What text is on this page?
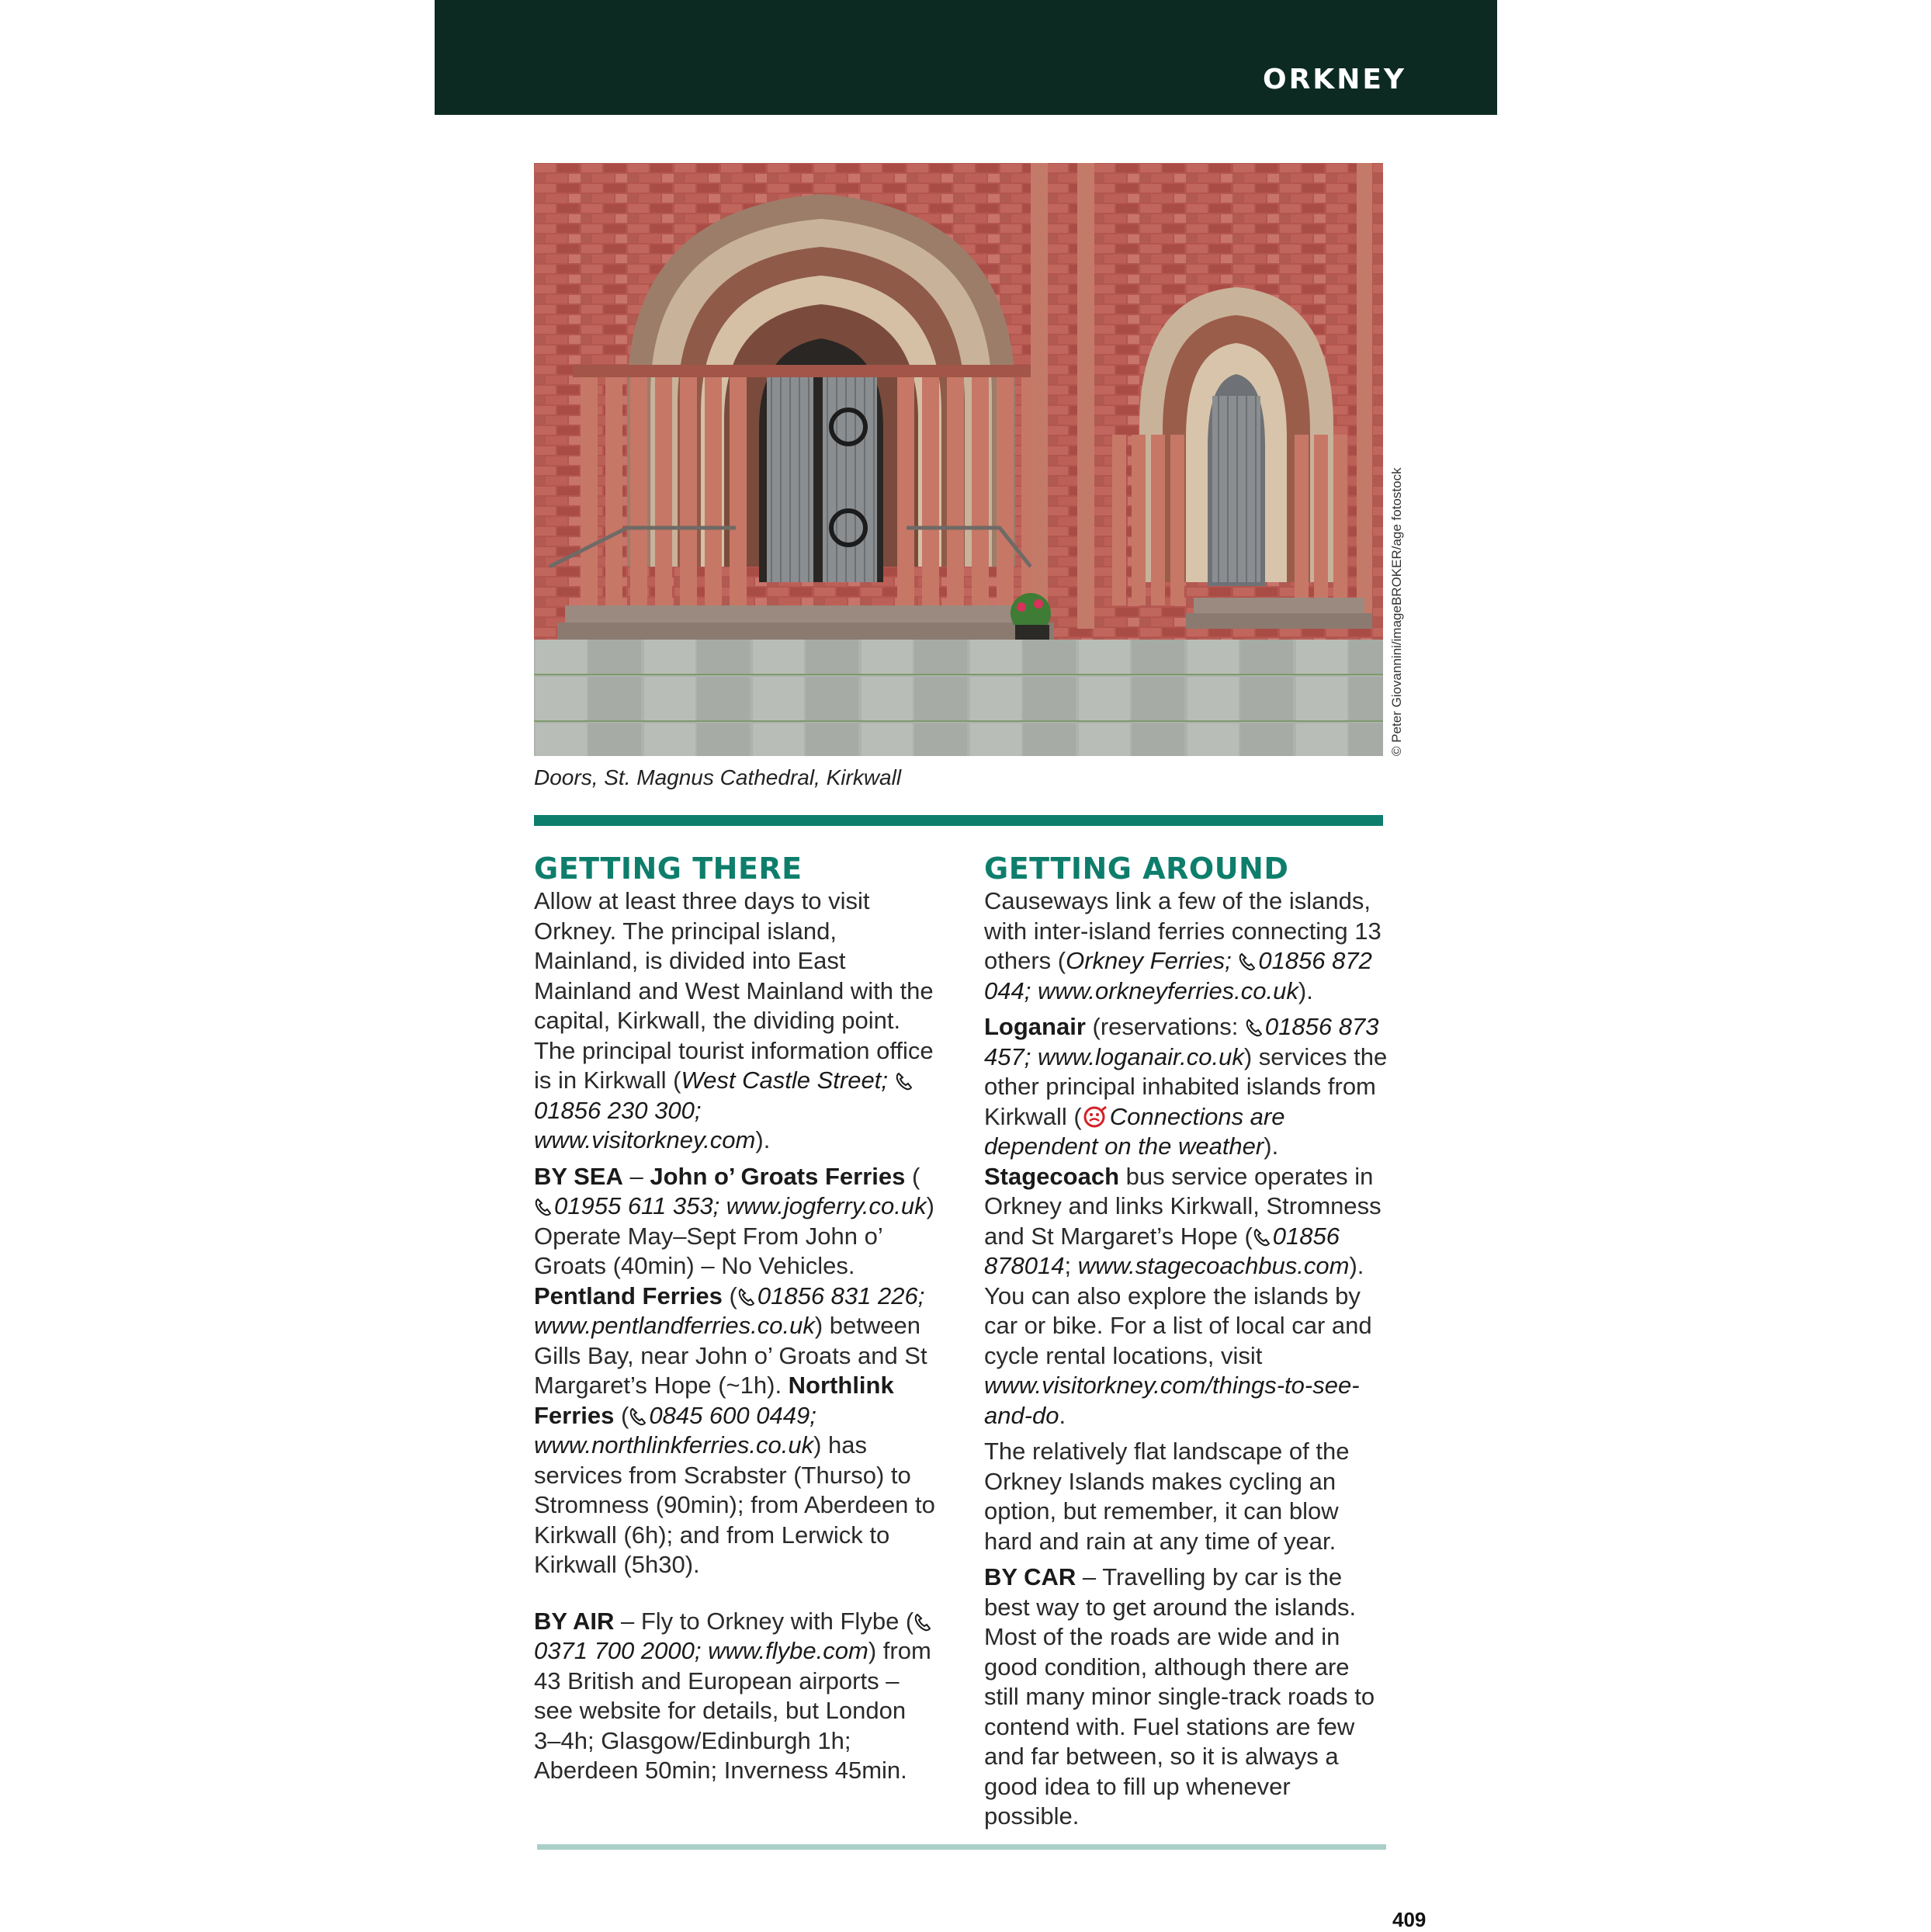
ORKNEY
© Peter Giovannini/imageBROKER/age fotostock
Doors, St. Magnus Cathedral, Kirkwall
GETTING THERE

Allow at least three days to visit Orkney. The principal island, Mainland, is divided into East Mainland and West Mainland with the capital, Kirkwall, the dividing point. The principal tourist information office is in Kirkwall (West Castle Street; 01856 230 300; www.visitorkney.com).

BY SEA – John o’ Groats Ferries (01955 611 353; www.jogferry.co.uk) Operate May–Sept From John o’ Groats (40min) – No Vehicles.
Pentland Ferries ( 01856 831 226; www.pentlandferries.co.uk) between Gills Bay, near John o’ Groats and St Margaret’s Hope (~1h). Northlink Ferries ( 0845 600 0449; www.northlinkferries.co.uk) has services from Scrabster (Thurso) to Stromness (90min); from Aberdeen to Kirkwall (6h); and from Lerwick to Kirkwall (5h30).

BY AIR – Fly to Orkney with Flybe (0371 700 2000; www.flybe.com) from 43 British and European airports – see website for details, but London 3–4h; Glasgow/Edinburgh 1h; Aberdeen 50min; Inverness 45min.

GETTING AROUND

Causeways link a few of the islands, with inter-island ferries connecting 13 others (Orkney Ferries; 01856 872 044; www.orkneyferries.co.uk).

Loganair (reservations: 01856 873 457; www.loganair.co.uk) services the other principal inhabited islands from Kirkwall ( Connections are dependent on the weather).

Stagecoach bus service operates in Orkney and links Kirkwall, Stromness and St Margaret’s Hope ( 01856 878014; www.stagecoachbus.com). You can also explore the islands by car or bike. For a list of local car and cycle rental locations, visit www.visitorkney.com/things-to-see-and-do.

The relatively flat landscape of the Orkney Islands makes cycling an option, but remember, it can blow hard and rain at any time of year.

BY CAR – Travelling by car is the best way to get around the islands. Most of the roads are wide and in good condition, although there are still many minor single-track roads to contend with. Fuel stations are few and far between, so it is always a good idea to fill up whenever possible.

409
